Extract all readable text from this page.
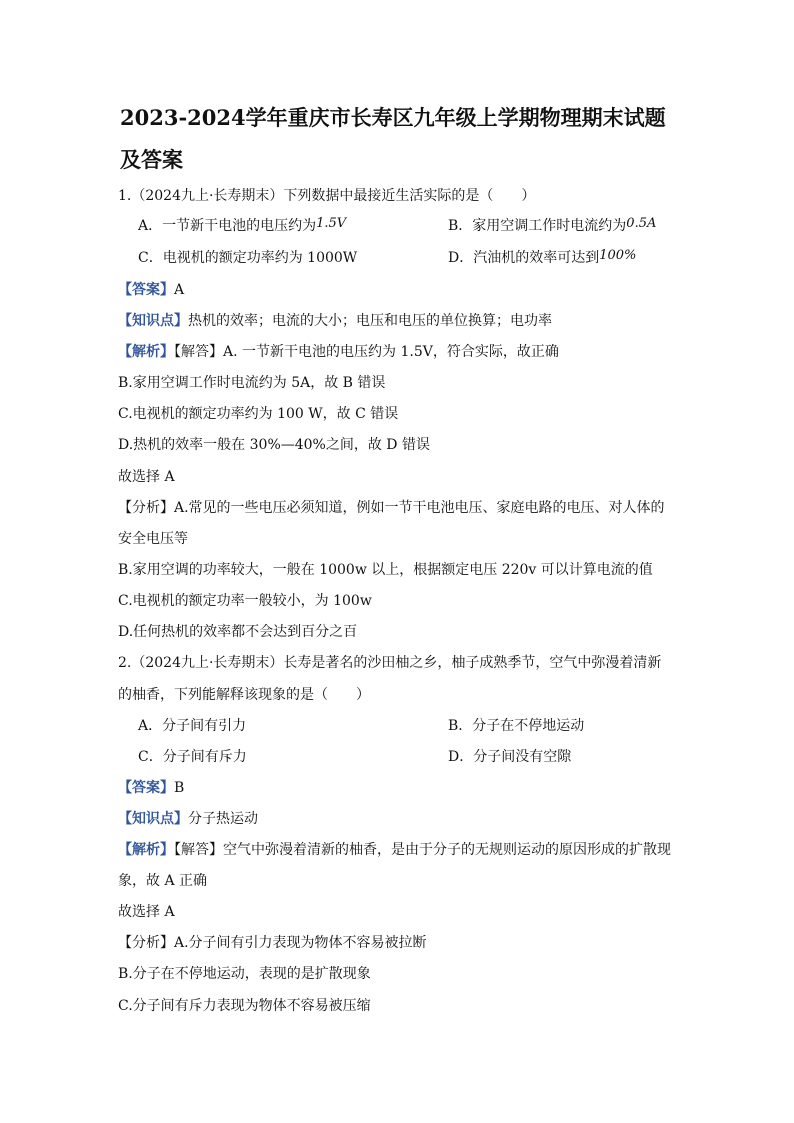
2023-2024学年重庆市长寿区九年级上学期物理期末试题及答案
1.（2024九上·长寿期末）下列数据中最接近生活实际的是（　　）
A．一节新干电池的电压约为1.5V	B．家用空调工作时电流约为0.5A
C．电视机的额定功率约为 1000W	D．汽油机的效率可达到100%
【答案】A
【知识点】热机的效率；电流的大小；电压和电压的单位换算；电功率
【解析】【解答】A. 一节新干电池的电压约为 1.5V，符合实际，故正确
B.家用空调工作时电流约为 5A，故 B 错误
C.电视机的额定功率约为 100 W，故 C 错误
D.热机的效率一般在 30%—40%之间，故 D 错误
故选择 A
【分析】A.常见的一些电压必须知道，例如一节干电池电压、家庭电路的电压、对人体的
安全电压等
B.家用空调的功率较大，一般在 1000w 以上，根据额定电压 220v 可以计算电流的值
C.电视机的额定功率一般较小，为 100w
D.任何热机的效率都不会达到百分之百
2.（2024九上·长寿期末）长寿是著名的沙田柚之乡，柚子成熟季节，空气中弥漫着清新
的柚香，下列能解释该现象的是（　　）
A．分子间有引力	B．分子在不停地运动
C．分子间有斥力	D．分子间没有空隙
【答案】B
【知识点】分子热运动
【解析】【解答】空气中弥漫着清新的柚香，是由于分子的无规则运动的原因形成的扩散现
象，故 A 正确
故选择 A
【分析】A.分子间有引力表现为物体不容易被拉断
B.分子在不停地运动，表现的是扩散现象
C.分子间有斥力表现为物体不容易被压缩
